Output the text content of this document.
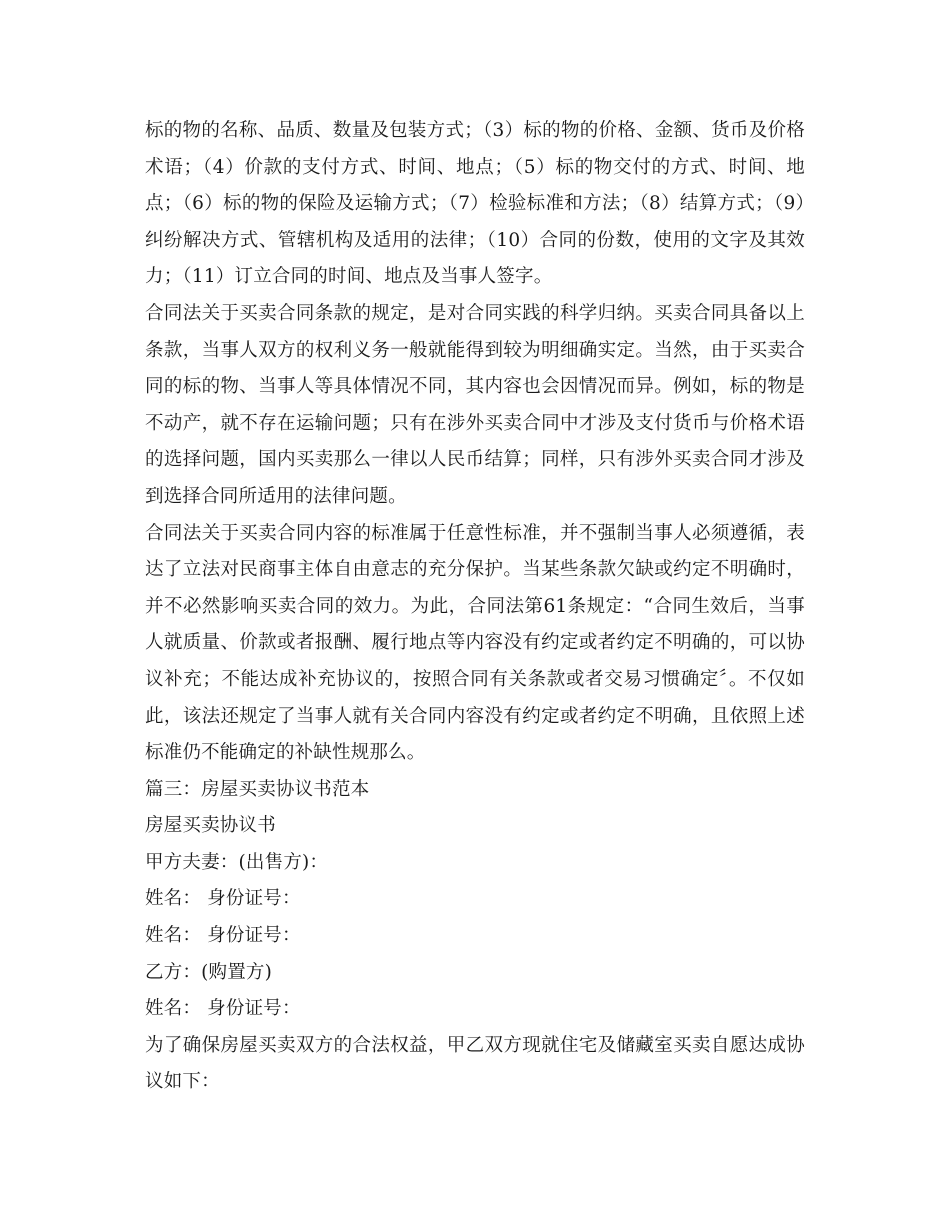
标的物的名称、品质、数量及包装方式；（3）标的物的价格、金额、货币及价格术语；（4）价款的支付方式、时间、地点；（5）标的物交付的方式、时间、地点；（6）标的物的保险及运输方式；（7）检验标准和方法；（8）结算方式；（9）纠纷解决方式、管辖机构及适用的法律；（10）合同的份数，使用的文字及其效力；（11）订立合同的时间、地点及当事人签字。

合同法关于买卖合同条款的规定，是对合同实践的科学归纳。买卖合同具备以上条款，当事人双方的权利义务一般就能得到较为明细确实定。当然，由于买卖合同的标的物、当事人等具体情况不同，其内容也会因情况而异。例如，标的物是不动产，就不存在运输问题；只有在涉外买卖合同中才涉及支付货币与价格术语的选择问题，国内买卖那么一律以人民币结算；同样，只有涉外买卖合同才涉及到选择合同所适用的法律问题。

合同法关于买卖合同内容的标准属于任意性标准，并不强制当事人必须遵循，表达了立法对民商事主体自由意志的充分保护。当某些条款欠缺或约定不明确时，并不必然影响买卖合同的效力。为此，合同法第61条规定：“合同生效后，当事人就质量、价款或者报酬、履行地点等内容没有约定或者约定不明确的，可以协议补充；不能达成补充协议的，按照合同有关条款或者交易习惯确定〞。不仅如此，该法还规定了当事人就有关合同内容没有约定或者约定不明确，且依照上述标准仍不能确定的补缺性规那么。

篇三：房屋买卖协议书范本

房屋买卖协议书

甲方夫妻：(出售方)：

姓名： 身份证号：

姓名： 身份证号：

乙方：(购置方)

姓名： 身份证号：

为了确保房屋买卖双方的合法权益，甲乙双方现就住宅及储藏室买卖自愿达成协议如下：
